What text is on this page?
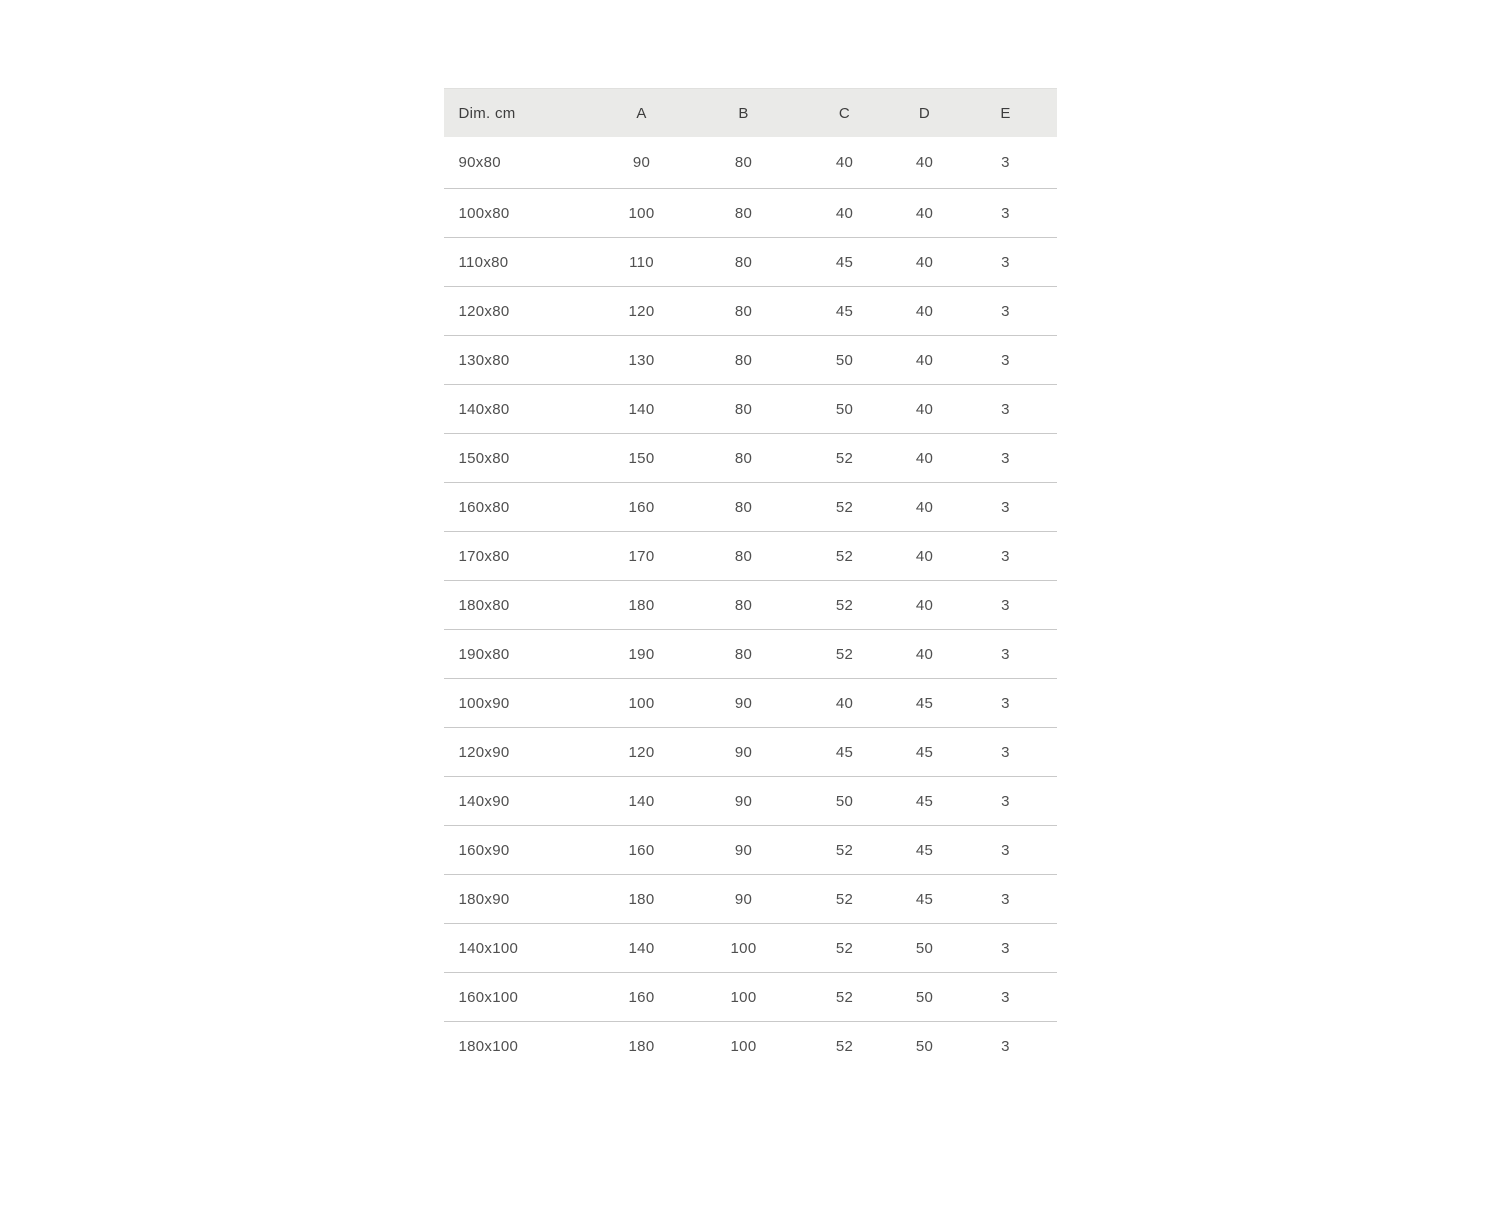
Dim. cm	A	B	C	D	E
90x80	90	80	40	40	3
100x80	100	80	40	40	3
110x80	110	80	45	40	3
120x80	120	80	45	40	3
130x80	130	80	50	40	3
140x80	140	80	50	40	3
150x80	150	80	52	40	3
160x80	160	80	52	40	3
170x80	170	80	52	40	3
180x80	180	80	52	40	3
190x80	190	80	52	40	3
100x90	100	90	40	45	3
120x90	120	90	45	45	3
140x90	140	90	50	45	3
160x90	160	90	52	45	3
180x90	180	90	52	45	3
140x100	140	100	52	50	3
160x100	160	100	52	50	3
180x100	180	100	52	50	3
